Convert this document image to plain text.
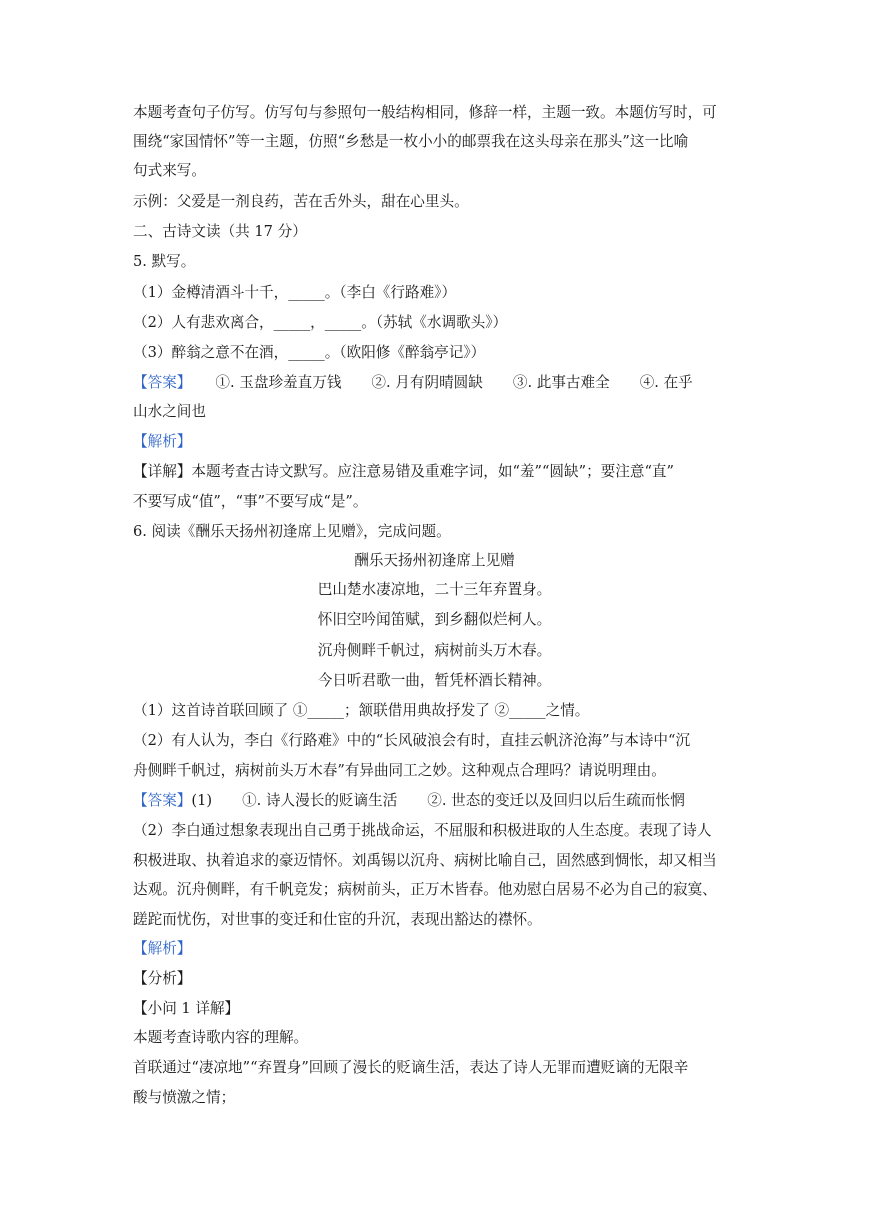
本题考查句子仿写。仿写句与参照句一般结构相同，修辞一样，主题一致。本题仿写时，可
围绕“家国情怀”等一主题，仿照“乡愁是一枚小小的邮票我在这头母亲在那头”这一比喻
句式来写。
示例：父爱是一剂良药，苦在舌外头，甜在心里头。
二、古诗文读（共 17 分）
5. 默写。
（1）金樽清酒斗十千，_____。（李白《行路难》）
（2）人有悲欢离合，_____，_____。（苏轼《水调歌头》）
（3）醉翁之意不在酒，_____。（欧阳修《醉翁亭记》）
【答案】 ①. 玉盘珍羞直万钱 ②. 月有阴晴圆缺 ③. 此事古难全 ④. 在乎
山水之间也
【解析】
【详解】本题考查古诗文默写。应注意易错及重难字词，如“羞”“圆缺”；要注意“直”
不要写成“值”，“事”不要写成“是”。
6. 阅读《酬乐天扬州初逢席上见赠》，完成问题。
酬乐天扬州初逢席上见赠
巴山楚水凄凉地，二十三年弃置身。
怀旧空吟闻笛赋，到乡翻似烂柯人。
沉舟侧畔千帆过，病树前头万木春。
今日听君歌一曲，暂凭杯酒长精神。
（1）这首诗首联回顾了 ①_____；颔联借用典故抒发了 ②_____之情。
（2）有人认为，李白《行路难》中的“长风破浪会有时，直挂云帆济沧海”与本诗中“沉
舟侧畔千帆过，病树前头万木春”有异曲同工之妙。这种观点合理吗？请说明理由。
【答案】(1) ①. 诗人漫长的贬谪生活 ②. 世态的变迁以及回归以后生疏而怅惘
（2）李白通过想象表现出自己勇于挑战命运，不屈服和积极进取的人生态度。表现了诗人
积极进取、执着追求的豪迈情怀。刘禹锡以沉舟、病树比喻自己，固然感到惆怅，却又相当
达观。沉舟侧畔，有千帆竞发；病树前头，正万木皆春。他劝慰白居易不必为自己的寂寞、
蹉跎而忧伤，对世事的变迁和仕宦的升沉，表现出豁达的襟怀。
【解析】
【分析】
【小问 1 详解】
本题考查诗歌内容的理解。
首联通过“凄凉地”“弃置身”回顾了漫长的贬谪生活，表达了诗人无罪而遭贬谪的无限辛
酸与愤激之情；
